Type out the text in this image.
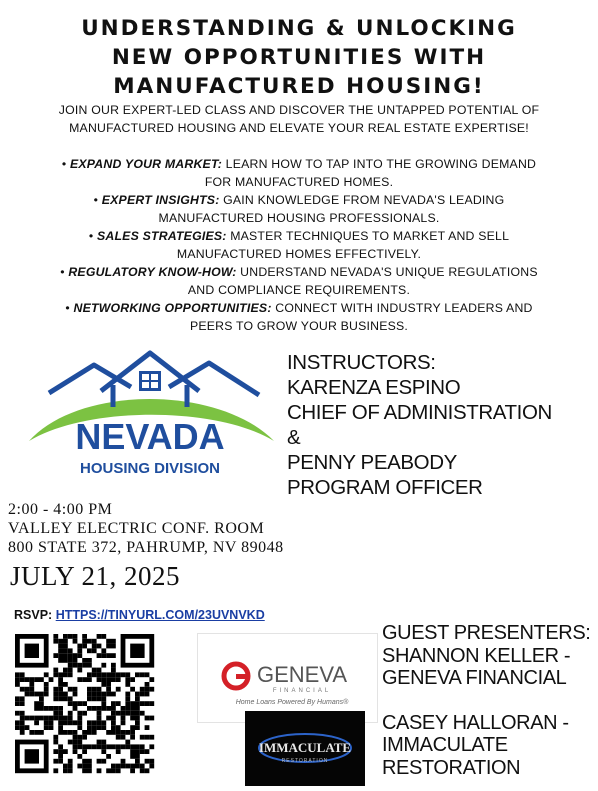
UNDERSTANDING & UNLOCKING
NEW OPPORTUNITIES WITH
MANUFACTURED HOUSING!
JOIN OUR EXPERT-LED CLASS AND DISCOVER THE UNTAPPED POTENTIAL OF
MANUFACTURED HOUSING AND ELEVATE YOUR REAL ESTATE EXPERTISE!
• EXPAND YOUR MARKET: LEARN HOW TO TAP INTO THE GROWING DEMAND
FOR MANUFACTURED HOMES.
• EXPERT INSIGHTS: GAIN KNOWLEDGE FROM NEVADA'S LEADING
MANUFACTURED HOUSING PROFESSIONALS.
• SALES STRATEGIES: MASTER TECHNIQUES TO MARKET AND SELL
MANUFACTURED HOMES EFFECTIVELY.
• REGULATORY KNOW-HOW: UNDERSTAND NEVADA'S UNIQUE REGULATIONS
AND COMPLIANCE REQUIREMENTS.
• NETWORKING OPPORTUNITIES: CONNECT WITH INDUSTRY LEADERS AND
PEERS TO GROW YOUR BUSINESS.
NEVADA
HOUSING DIVISION
INSTRUCTORS:
KARENZA ESPINO
CHIEF OF ADMINISTRATION
&
PENNY PEABODY
PROGRAM OFFICER
2:00 - 4:00 PM
VALLEY ELECTRIC CONF. ROOM
800 STATE 372, PAHRUMP, NV 89048
JULY 21, 2025
RSVP: HTTPS://TINYURL.COM/23UVNVKD
GENEVA
FINANCIAL
Home Loans Powered By Humans®
IMMACULATE
RESTORATION
GUEST PRESENTERS:
SHANNON KELLER -
GENEVA FINANCIAL
CASEY HALLORAN -
IMMACULATE
RESTORATION
